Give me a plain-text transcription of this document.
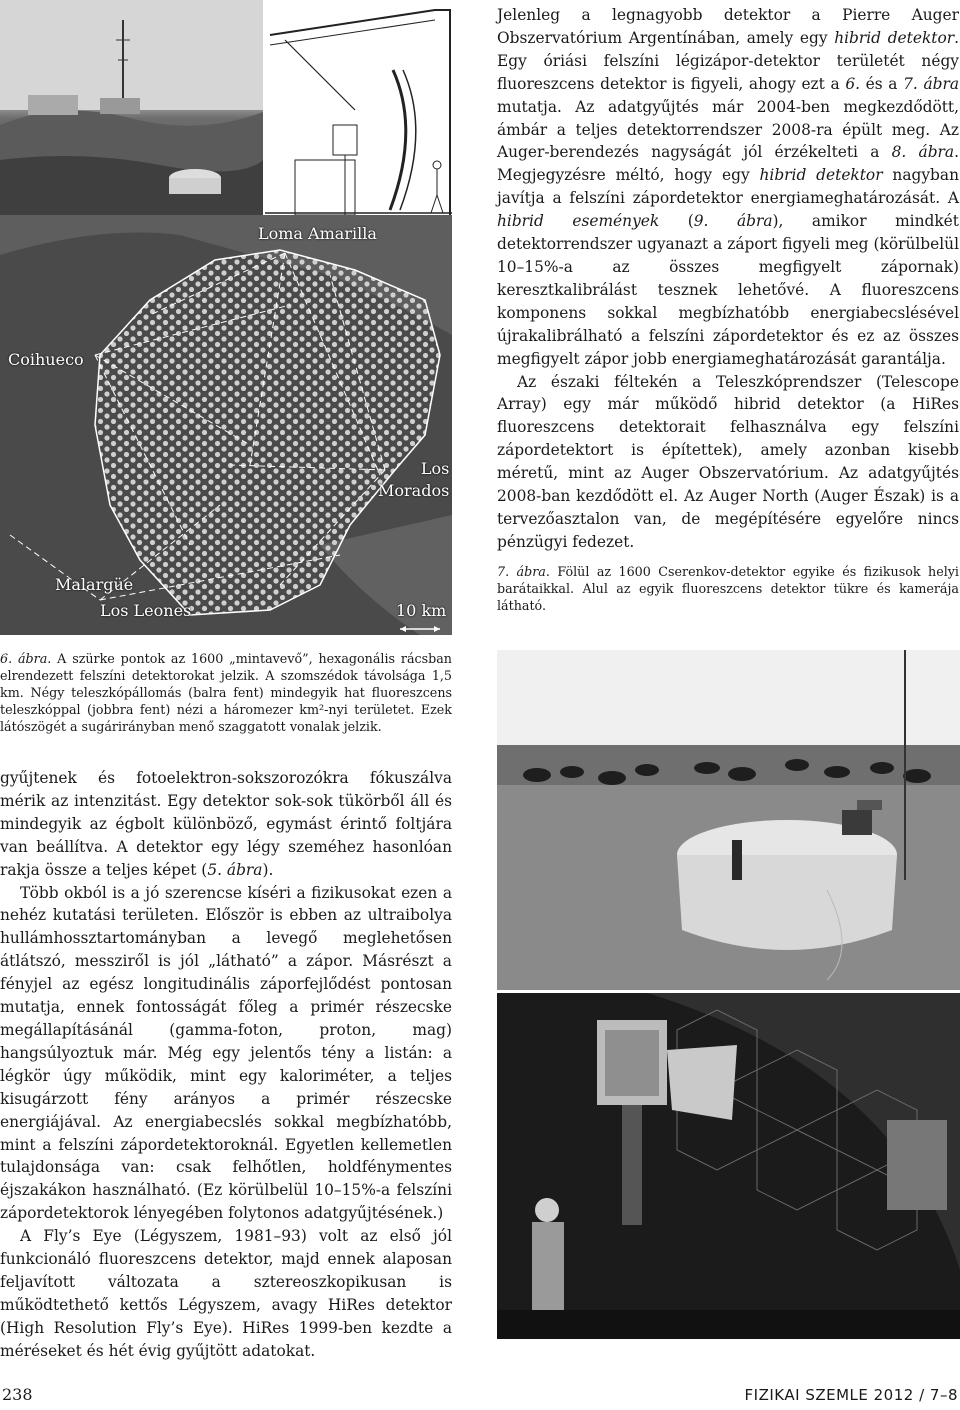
Loma Amarilla
Coihueco
Los
Morados
Malargüe
Los Leones	10 km

Jelenleg a legnagyobb detektor a Pierre Auger Obszervatórium Argentínában, amely egy hibrid detektor. Egy óriási felszíni légizápor-detektor területét négy fluoreszcens detektor is figyeli, ahogy ezt a 6. és a 7. ábra mutatja. Az adatgyűjtés már 2004-ben megkezdődött, ámbár a teljes detektorrendszer 2008-ra épült meg. Az Auger-berendezés nagyságát jól érzékelteti a 8. ábra. Megjegyzésre méltó, hogy egy hibrid detektor nagyban javítja a felszíni zápordetektor energiameghatározását. A hibrid események (9. ábra), amikor mindkét detektorrendszer ugyanazt a záport figyeli meg (körülbelül 10–15%-a az összes megfigyelt zápornak) keresztkalibrálást tesznek lehetővé. A fluoreszcens komponens sokkal megbízhatóbb energiabecslésével újrakalibrálható a felszíni zápordetektor és ez az összes megfigyelt zápor jobb energiameghatározását garantálja.

Az északi féltekén a Teleszkóprendszer (Telescope Array) egy már működő hibrid detektor (a HiRes fluoreszcens detektorait felhasználva egy felszíni zápordetektort is építettek), amely azonban kisebb méretű, mint az Auger Obszervatórium. Az adatgyűjtés 2008-ban kezdődött el. Az Auger North (Auger Észak) is a tervezőasztalon van, de megépítésére egyelőre nincs pénzügyi fedezet.

7. ábra. Fölül az 1600 Cserenkov-detektor egyike és fizikusok helyi barátaikkal. Alul az egyik fluoreszcens detektor tükre és kamerája látható.
6. ábra. A szürke pontok az 1600 „mintavevő”, hexagonális rácsban elrendezett felszíni detektorokat jelzik. A szomszédok távolsága 1,5 km. Négy teleszkópállomás (balra fent) mindegyik hat fluoreszcens teleszkóppal (jobbra fent) nézi a háromezer km²-nyi területet. Ezek látószögét a sugárirányban menő szaggatott vonalak jelzik.

gyűjtenek és fotoelektron-sokszorozókra fókuszálva mérik az intenzitást. Egy detektor sok-sok tükörből áll és mindegyik az égbolt különböző, egymást érintő foltjára van beállítva. A detektor egy légy szeméhez hasonlóan rakja össze a teljes képet (5. ábra).

Több okból is a jó szerencse kíséri a fizikusokat ezen a nehéz kutatási területen. Először is ebben az ultraibolya hullámhossztartományban a levegő meglehetősen átlátszó, messziről is jól „látható” a zápor. Másrészt a fényjel az egész longitudinális záporfejlődést pontosan mutatja, ennek fontosságát főleg a primér részecske megállapításánál (gamma-foton, proton, mag) hangsúlyoztuk már. Még egy jelentős tény a listán: a légkör úgy működik, mint egy kaloriméter, a teljes kisugárzott fény arányos a primér részecske energiájával. Az energiabecslés sokkal megbízhatóbb, mint a felszíni zápordetektoroknál. Egyetlen kellemetlen tulajdonsága van: csak felhőtlen, holdfénymentes éjszakákon használható. (Ez körülbelül 10–15%-a felszíni zápordetektorok lényegében folytonos adatgyűjtésének.)

A Fly’s Eye (Légyszem, 1981–93) volt az első jól funkcionáló fluoreszcens detektor, majd ennek alaposan feljavított változata a sztereoszkopikusan is működtethető kettős Légyszem, avagy HiRes detektor (High Resolution Fly’s Eye). HiRes 1999-ben kezdte a méréseket és hét évig gyűjtött adatokat.

238	FIZIKAI SZEMLE 2012 / 7–8
